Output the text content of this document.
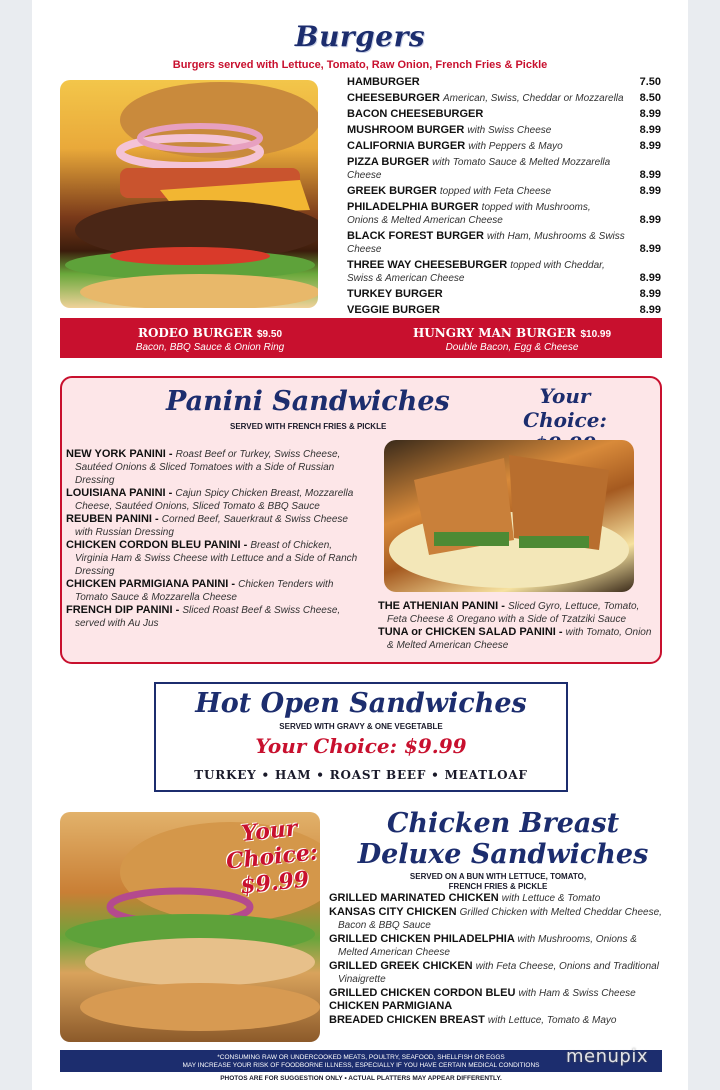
Burgers
Burgers served with Lettuce, Tomato, Raw Onion, French Fries & Pickle
HAMBURGER	7.50
CHEESEBURGER American, Swiss, Cheddar or Mozzarella 8.50
BACON CHEESEBURGER	8.99
MUSHROOM BURGER with Swiss Cheese	8.99
CALIFORNIA BURGER with Peppers & Mayo	8.99
PIZZA BURGER with Tomato Sauce & Melted Mozzarella Cheese	8.99
GREEK BURGER topped with Feta Cheese	8.99
PHILADELPHIA BURGER topped with Mushrooms, Onions & Melted American Cheese	8.99
BLACK FOREST BURGER with Ham, Mushrooms & Swiss Cheese	8.99
THREE WAY CHEESEBURGER topped with Cheddar, Swiss & American Cheese	8.99
TURKEY BURGER	8.99
VEGGIE BURGER	8.99
RODEO BURGER $9.50
Bacon, BBQ Sauce & Onion Ring
HUNGRY MAN BURGER $10.99
Double Bacon, Egg & Cheese
Panini Sandwiches
SERVED WITH FRENCH FRIES & PICKLE
Your Choice:
NEW YORK PANINI - Roast Beef or Turkey, Swiss Cheese, Sautéed Onions & Sliced Tomatoes with a Side of Russian Dressing
LOUISIANA PANINI - Cajun Spicy Chicken Breast, Mozzarella Cheese, Sautéed Onions, Sliced Tomato & BBQ Sauce
REUBEN PANINI - Corned Beef, Sauerkraut & Swiss Cheese with Russian Dressing
CHICKEN CORDON BLEU PANINI - Breast of Chicken, Virginia Ham & Swiss Cheese with Lettuce and a Side of Ranch Dressing
CHICKEN PARMIGIANA PANINI - Chicken Tenders with Tomato Sauce & Mozzarella Cheese
FRENCH DIP PANINI - Sliced Roast Beef & Swiss Cheese, served with Au Jus
THE ATHENIAN PANINI - Sliced Gyro, Lettuce, Tomato, Feta Cheese & Oregano with a Side of Tzatziki Sauce
TUNA or CHICKEN SALAD PANINI - with Tomato, Onion & Melted American Cheese
Hot Open Sandwiches
SERVED WITH GRAVY & ONE VEGETABLE
Your Choice: $9.99
TURKEY • HAM • ROAST BEEF • MEATLOAF
Your
Choice:
$9.99
Chicken Breast
Deluxe Sandwiches
SERVED ON A BUN WITH LETTUCE, TOMATO,
FRENCH FRIES & PICKLE
GRILLED MARINATED CHICKEN with Lettuce & Tomato
KANSAS CITY CHICKEN Grilled Chicken with Melted Cheddar Cheese, Bacon & BBQ Sauce
GRILLED CHICKEN PHILADELPHIA with Mushrooms, Onions & Melted American Cheese
GRILLED GREEK CHICKEN with Feta Cheese, Onions and Traditional Vinaigrette
GRILLED CHICKEN CORDON BLEU with Ham & Swiss Cheese
CHICKEN PARMIGIANA
BREADED CHICKEN BREAST with Lettuce, Tomato & Mayo
*CONSUMING RAW OR UNDERCOOKED MEATS, POULTRY, SEAFOOD, SHELLFISH OR EGGS
MAY INCREASE YOUR RISK OF FOODBORNE ILLNESS, ESPECIALLY IF YOU HAVE CERTAIN MEDICAL CONDITIONS
PHOTOS ARE FOR SUGGESTION ONLY • ACTUAL PLATTERS MAY APPEAR DIFFERENTLY.
menupix
